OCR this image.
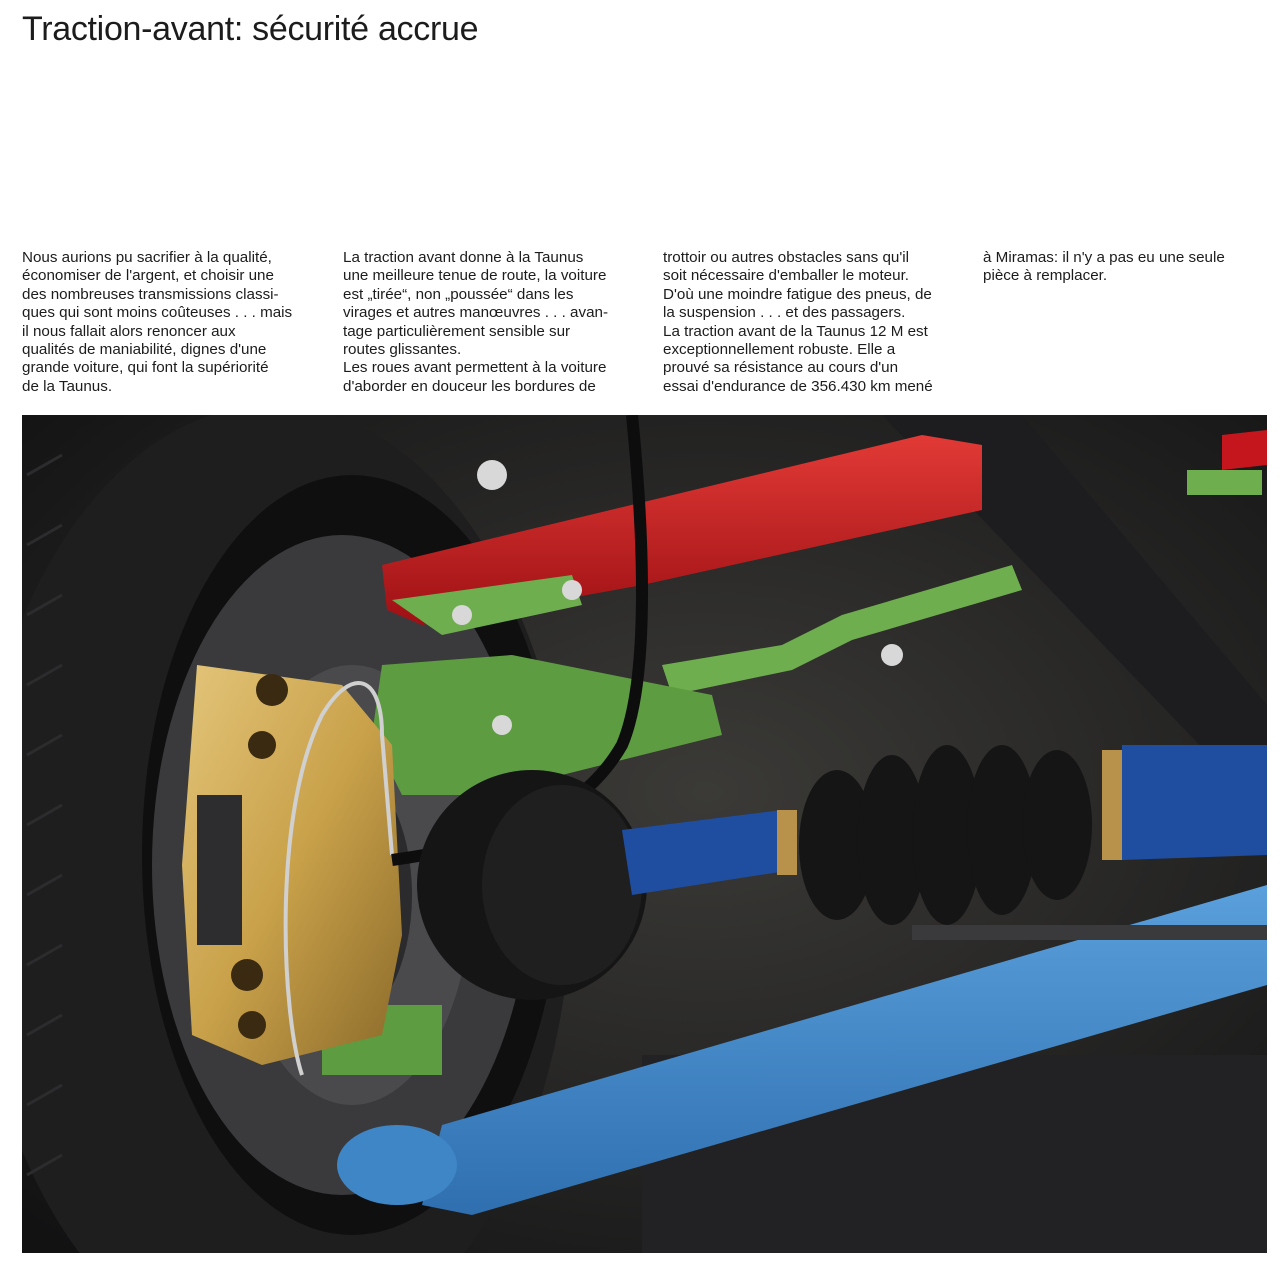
Traction-avant: sécurité accrue
Nous aurions pu sacrifier à la qualité,
économiser de l'argent, et choisir une
des nombreuses transmissions classi-
ques qui sont moins coûteuses . . . mais
il nous fallait alors renoncer aux
qualités de maniabilité, dignes d'une
grande voiture, qui font la supériorité
de la Taunus.
La traction avant donne à la Taunus
une meilleure tenue de route, la voiture
est „tirée“, non „poussée“ dans les
virages et autres manœuvres . . . avan-
tage particulièrement sensible sur
routes glissantes.
Les roues avant permettent à la voiture
d'aborder en douceur les bordures de
trottoir ou autres obstacles sans qu'il
soit nécessaire d'emballer le moteur.
D'où une moindre fatigue des pneus, de
la suspension . . . et des passagers.
La traction avant de la Taunus 12 M est
exceptionnellement robuste. Elle a
prouvé sa résistance au cours d'un
essai d'endurance de 356.430 km mené
à Miramas: il n'y a pas eu une seule
pièce à remplacer.
